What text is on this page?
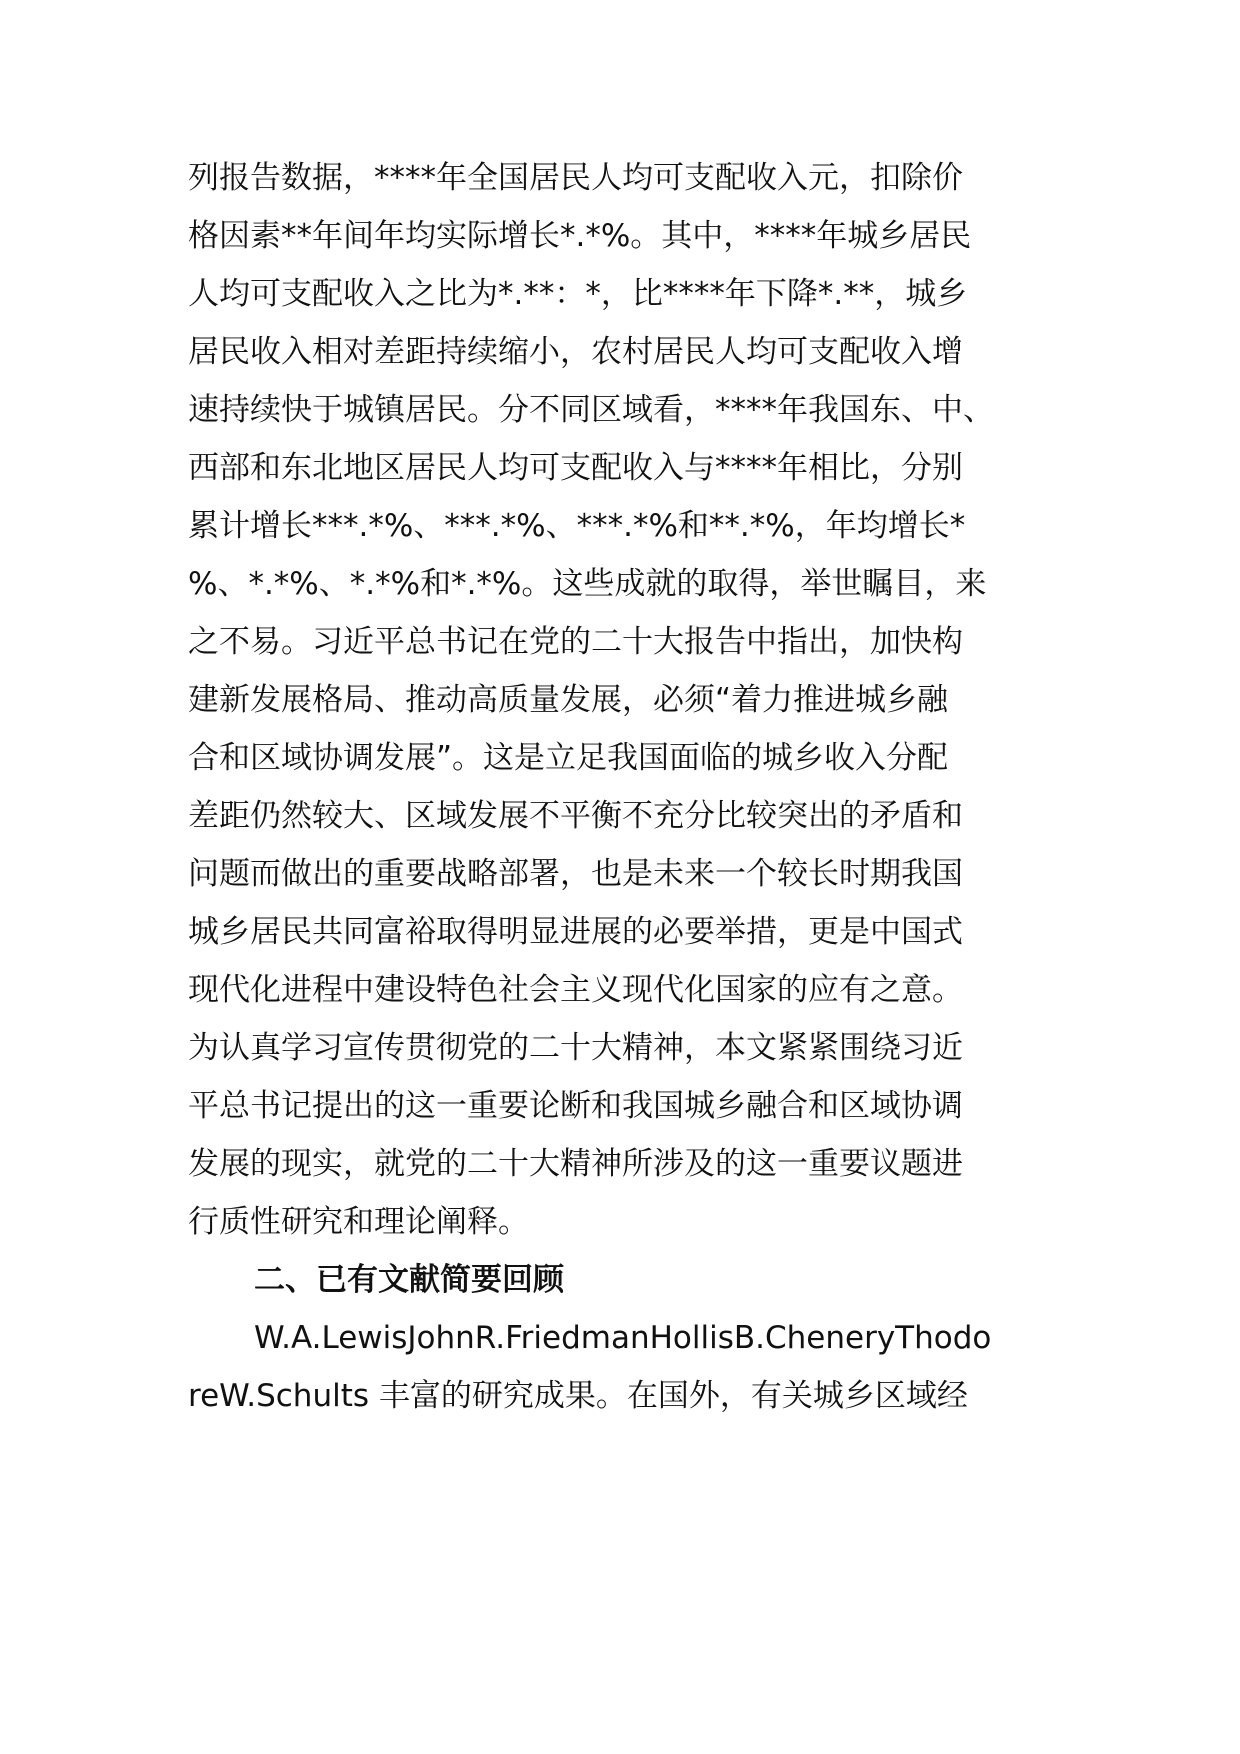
列报告数据，****年全国居民人均可支配收入元，扣除价
格因素**年间年均实际增长*.*%。其中，****年城乡居民
人均可支配收入之比为*.**：*，比****年下降*.**，城乡
居民收入相对差距持续缩小，农村居民人均可支配收入增
速持续快于城镇居民。分不同区域看，****年我国东、中、
西部和东北地区居民人均可支配收入与****年相比，分别
累计增长***.*%、***.*%、***.*%和**.*%，年均增长*
%、*.*%、*.*%和*.*%。这些成就的取得，举世瞩目，来
之不易。习近平总书记在党的二十大报告中指出，加快构
建新发展格局、推动高质量发展，必须“着力推进城乡融
合和区域协调发展”。这是立足我国面临的城乡收入分配
差距仍然较大、区域发展不平衡不充分比较突出的矛盾和
问题而做出的重要战略部署，也是未来一个较长时期我国
城乡居民共同富裕取得明显进展的必要举措，更是中国式
现代化进程中建设特色社会主义现代化国家的应有之意。
为认真学习宣传贯彻党的二十大精神，本文紧紧围绕习近
平总书记提出的这一重要论断和我国城乡融合和区域协调
发展的现实，就党的二十大精神所涉及的这一重要议题进
行质性研究和理论阐释。
二、已有文献简要回顾
W.A.LewisJohnR.FriedmanHollisB.CheneryThodo
reW.Schults 丰富的研究成果。在国外，有关城乡区域经
